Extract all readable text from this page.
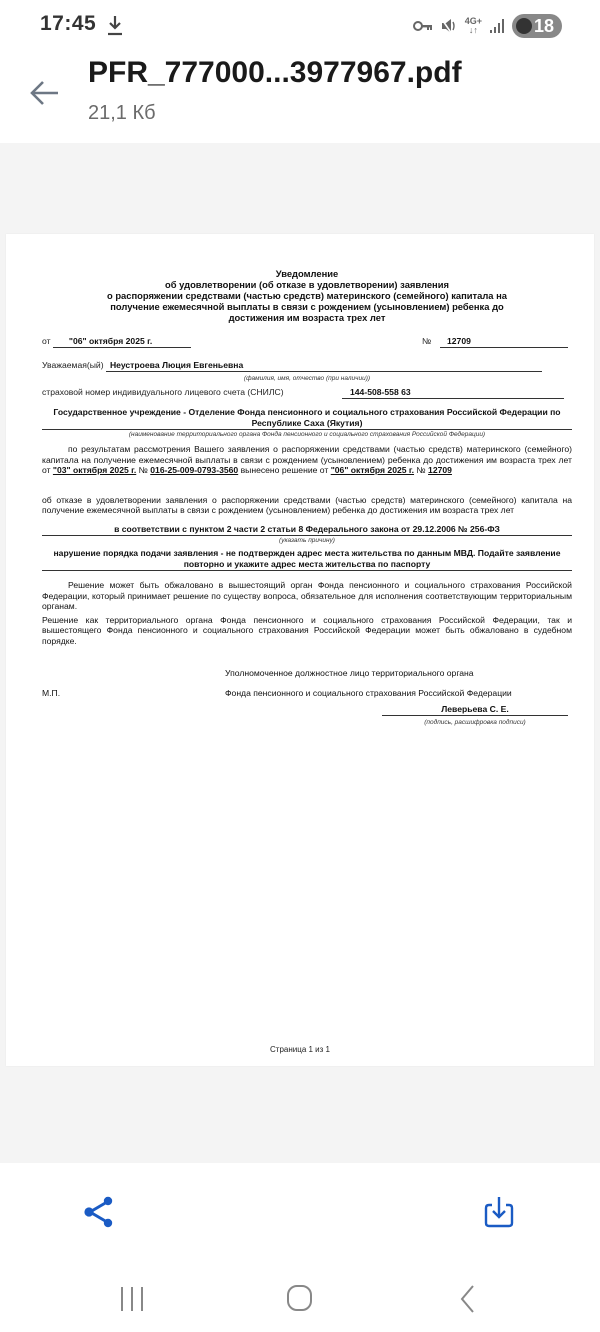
17:45	4G+
↓↑	18
PFR_777000...3977967.pdf
21,1 Кб
Уведомление
об удовлетворении (об отказе в удовлетворении) заявления
о распоряжении средствами (частью средств) материнского (семейного) капитала на
получение ежемесячной выплаты в связи с рождением (усыновлением) ребенка до
достижения им возраста трех лет
от "06" октября 2025 г.	№	12709
Уважаемая(ый) Неустроева Люция Евгеньевна
(фамилия, имя, отчество (при наличии))
страховой номер индивидуального лицевого счета (СНИЛС)	144-508-558 63
Государственное учреждение - Отделение Фонда пенсионного и социального страхования Российской Федерации по Республике Саха (Якутия)
(наименование территориального органа Фонда пенсионного и социального страхования Российской Федерации)
по результатам рассмотрения Вашего заявления о распоряжении средствами (частью средств) материнского (семейного) капитала на получение ежемесячной выплаты в связи с рождением (усыновлением) ребенка до достижения им возраста трех лет от "03" октября 2025 г. № 016-25-009-0793-3560 вынесено решение от "06" октября 2025 г. № 12709
об отказе в удовлетворении заявления о распоряжении средствами (частью средств) материнского (семейного) капитала на получение ежемесячной выплаты в связи с рождением (усыновлением) ребенка до достижения им возраста трех лет
в соответствии с пунктом 2 части 2 статьи 8 Федерального закона от 29.12.2006 № 256-ФЗ
(указать причину)
нарушение порядка подачи заявления - не подтвержден адрес места жительства по данным МВД. Подайте заявление повторно и укажите адрес места жительства по паспорту
Решение может быть обжаловано в вышестоящий орган Фонда пенсионного и социального страхования Российской Федерации, который принимает решение по существу вопроса, обязательное для исполнения соответствующим территориальным органам.
Решение как территориального органа Фонда пенсионного и социального страхования Российской Федерации, так и вышестоящего Фонда пенсионного и социального страхования Российской Федерации может быть обжаловано в судебном порядке.
Уполномоченное должностное лицо территориального органа
М.П.	Фонда пенсионного и социального страхования Российской Федерации
Леверьева С. Е.
(подпись, расшифровка подписи)
Страница 1 из 1
